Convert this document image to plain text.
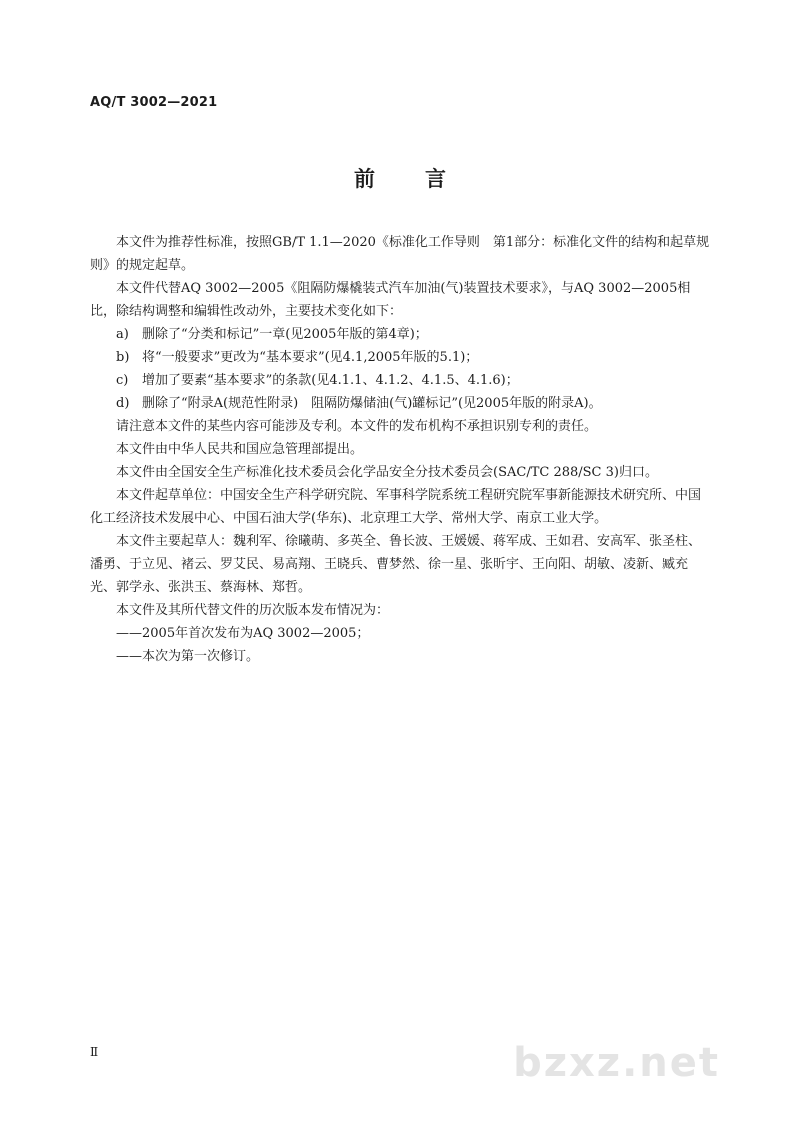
AQ/T 3002—2021
前 言

本文件为推荐性标准，按照GB/T 1.1—2020《标准化工作导则　第1部分：标准化文件的结构和起草规则》的规定起草。

本文件代替AQ 3002—2005《阻隔防爆橇装式汽车加油(气)装置技术要求》，与AQ 3002—2005相比，除结构调整和编辑性改动外，主要技术变化如下：

a) 删除了“分类和标记”一章(见2005年版的第4章)；

b) 将“一般要求”更改为“基本要求”(见4.1,2005年版的5.1)；

c) 增加了要素“基本要求”的条款(见4.1.1、4.1.2、4.1.5、4.1.6)；

d) 删除了“附录A(规范性附录)　阻隔防爆储油(气)罐标记”(见2005年版的附录A)。

请注意本文件的某些内容可能涉及专利。本文件的发布机构不承担识别专利的责任。

本文件由中华人民共和国应急管理部提出。

本文件由全国安全生产标准化技术委员会化学品安全分技术委员会(SAC/TC 288/SC 3)归口。

本文件起草单位：中国安全生产科学研究院、军事科学院系统工程研究院军事新能源技术研究所、中国化工经济技术发展中心、中国石油大学(华东)、北京理工大学、常州大学、南京工业大学。

本文件主要起草人：魏利军、徐曦萌、多英全、鲁长波、王媛媛、蒋军成、王如君、安高军、张圣柱、潘勇、于立见、褚云、罗艾民、易高翔、王晓兵、曹梦然、徐一星、张昕宇、王向阳、胡敏、凌新、臧充光、郭学永、张洪玉、蔡海林、郑哲。

本文件及其所代替文件的历次版本发布情况为：

——2005年首次发布为AQ 3002—2005；

——本次为第一次修订。

Ⅱ	bzxz.net
